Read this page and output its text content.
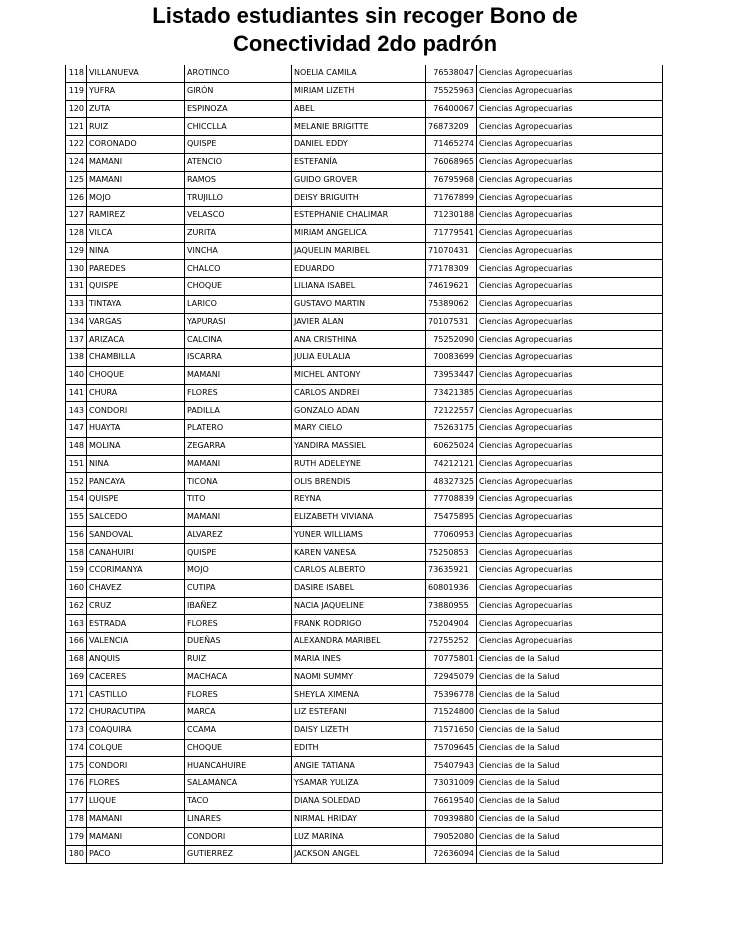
Listado estudiantes sin recoger Bono de
Conectividad 2do padrón
118	VILLANUEVA	AROTINCO	NOELIA CAMILA	76538047	Ciencias Agropecuarias
119	YUFRA	GIRÓN	MIRIAM LIZETH	75525963	Ciencias Agropecuarias
120	ZUTA	ESPINOZA	ABEL	76400067	Ciencias Agropecuarias
121	RUIZ	CHICCLLA	MELANIE BRIGITTE	76873209	Ciencias Agropecuarias
122	CORONADO	QUISPE	DANIEL EDDY	71465274	Ciencias Agropecuarias
124	MAMANI	ATENCIO	ESTEFANÍA	76068965	Ciencias Agropecuarias
125	MAMANI	RAMOS	GUIDO GROVER	76795968	Ciencias Agropecuarias
126	MOJO	TRUJILLO	DEISY BRIGUITH	71767899	Ciencias Agropecuarias
127	RAMIREZ	VELASCO	ESTEPHANIE CHALIMAR	71230188	Ciencias Agropecuarias
128	VILCA	ZURITA	MIRIAM ANGELICA	71779541	Ciencias Agropecuarias
129	NINA	VINCHA	JAQUELIN MARIBEL	71070431	Ciencias Agropecuarias
130	PAREDES	CHALCO	EDUARDO	77178309	Ciencias Agropecuarias
131	QUISPE	CHOQUE	LILIANA ISABEL	74619621	Ciencias Agropecuarias
133	TINTAYA	LARICO	GUSTAVO MARTIN	75389062	Ciencias Agropecuarias
134	VARGAS	YAPURASI	JAVIER ALAN	70107531	Ciencias Agropecuarias
137	ARIZACA	CALCINA	ANA CRISTHINA	75252090	Ciencias Agropecuarias
138	CHAMBILLA	ISCARRA	JULIA EULALIA	70083699	Ciencias Agropecuarias
140	CHOQUE	MAMANI	MICHEL ANTONY	73953447	Ciencias Agropecuarias
141	CHURA	FLORES	CARLOS ANDREI	73421385	Ciencias Agropecuarias
143	CONDORI	PADILLA	GONZALO ADAN	72122557	Ciencias Agropecuarias
147	HUAYTA	PLATERO	MARY CIELO	75263175	Ciencias Agropecuarias
148	MOLINA	ZEGARRA	YANDIRA MASSIEL	60625024	Ciencias Agropecuarias
151	NINA	MAMANI	RUTH ADELEYNE	74212121	Ciencias Agropecuarias
152	PANCAYA	TICONA	OLIS BRENDIS	48327325	Ciencias Agropecuarias
154	QUISPE	TITO	REYNA	77708839	Ciencias Agropecuarias
155	SALCEDO	MAMANI	ELIZABETH VIVIANA	75475895	Ciencias Agropecuarias
156	SANDOVAL	ALVAREZ	YUNER WILLIAMS	77060953	Ciencias Agropecuarias
158	CANAHUIRI	QUISPE	KAREN VANESA	75250853	Ciencias Agropecuarias
159	CCORIMANYA	MOJO	CARLOS ALBERTO	73635921	Ciencias Agropecuarias
160	CHAVEZ	CUTIPA	DASIRE ISABEL	60801936	Ciencias Agropecuarias
162	CRUZ	IBAÑEZ	NACIA JAQUELINE	73880955	Ciencias Agropecuarias
163	ESTRADA	FLORES	FRANK RODRIGO	75204904	Ciencias Agropecuarias
166	VALENCIA	DUEÑAS	ALEXANDRA MARIBEL	72755252	Ciencias Agropecuarias
168	ANQUIS	RUIZ	MARIA INES	70775801	Ciencias de la Salud
169	CACERES	MACHACA	NAOMI SUMMY	72945079	Ciencias de la Salud
171	CASTILLO	FLORES	SHEYLA XIMENA	75396778	Ciencias de la Salud
172	CHURACUTIPA	MARCA	LIZ ESTEFANI	71524800	Ciencias de la Salud
173	COAQUIRA	CCAMA	DAISY LIZETH	71571650	Ciencias de la Salud
174	COLQUE	CHOQUE	EDITH	75709645	Ciencias de la Salud
175	CONDORI	HUANCAHUIRE	ANGIE TATIANA	75407943	Ciencias de la Salud
176	FLORES	SALAMANCA	YSAMAR YULIZA	73031009	Ciencias de la Salud
177	LUQUE	TACO	DIANA SOLEDAD	76619540	Ciencias de la Salud
178	MAMANI	LINARES	NIRMAL HRIDAY	70939880	Ciencias de la Salud
179	MAMANI	CONDORI	LUZ MARINA	79052080	Ciencias de la Salud
180	PACO	GUTIERREZ	JACKSON ANGEL	72636094	Ciencias de la Salud
